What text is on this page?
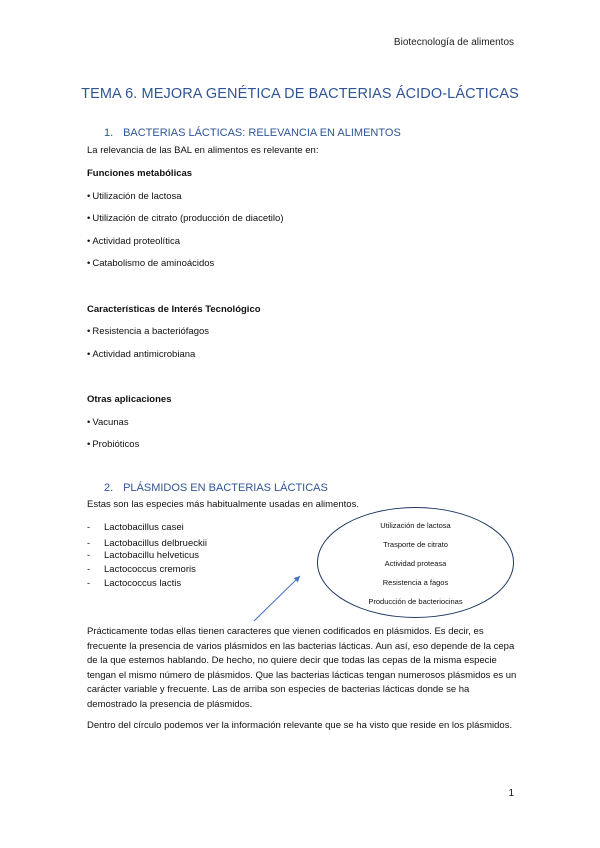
Biotecnología de alimentos
TEMA 6. MEJORA GENÉTICA DE BACTERIAS ÁCIDO-LÁCTICAS
1. BACTERIAS LÁCTICAS: RELEVANCIA EN ALIMENTOS
La relevancia de las BAL en alimentos es relevante en:
Funciones metabólicas
• Utilización de lactosa
• Utilización de citrato (producción de diacetilo)
• Actividad proteolítica
• Catabolismo de aminoácidos
Características de Interés Tecnológico
• Resistencia a bacteriófagos
• Actividad antimicrobiana
Otras aplicaciones
• Vacunas
• Probióticos
2. PLÁSMIDOS EN BACTERIAS LÁCTICAS
Estas son las especies más habitualmente usadas en alimentos.
- Lactobacillus casei
- Lactobacillus delbrueckii
- Lactobacillu helveticus
- Lactococcus cremoris
- Lactococcus lactis
Utilización de lactosa
Trasporte de citrato
Actividad proteasa
Resistencia a fagos
Producción de bacteriocinas
Prácticamente todas ellas tienen caracteres que vienen codificados en plásmidos. Es decir, es frecuente la presencia de varios plásmidos en las bacterias lácticas. Aun así, eso depende de la cepa de la que estemos hablando. De hecho, no quiere decir que todas las cepas de la misma especie tengan el mismo número de plásmidos. Que las bacterias lácticas tengan numerosos plásmidos es un carácter variable y frecuente. Las de arriba son especies de bacterias lácticas donde se ha demostrado la presencia de plásmidos.
Dentro del círculo podemos ver la información relevante que se ha visto que reside en los plásmidos.
1
